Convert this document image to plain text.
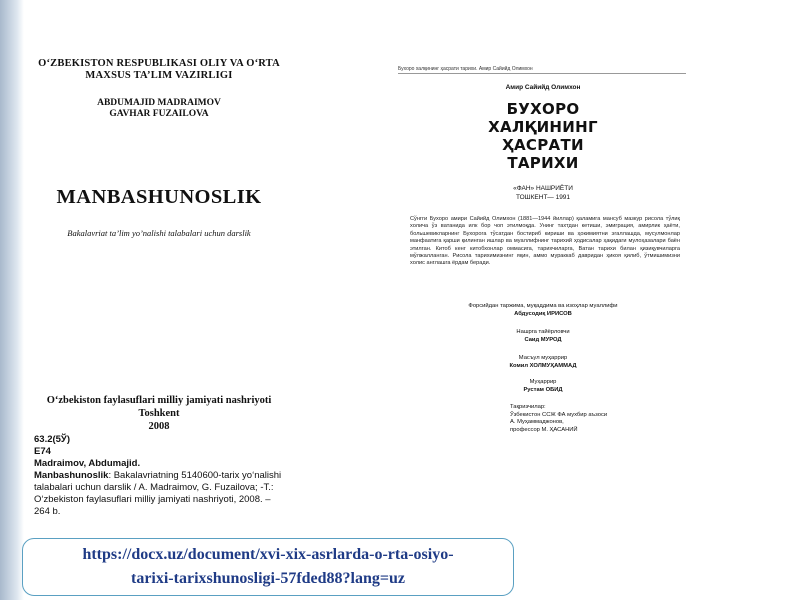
O‘ZBEKISTON RESPUBLIKASI OLIY VA O‘RTA
MAXSUS TA’LIM VAZIRLIGI
ABDUMAJID MADRAIMOV
GAVHAR FUZAILOVA
MANBASHUNOSLIK
Bakalavriat ta’lim yo’nalishi talabalari uchun darslik
O‘zbekiston faylasuflari milliy jamiyati nashriyoti
Toshkent
2008
63.2(5Ў)
E74
Madraimov, Abdumajid.
Manbashunoslik: Bakalavriatning 5140600-tarix yo‘nalishi talabalari uchun darslik / A. Madraimov, G. Fuzailova; -T.: O‘zbekiston faylasuflari milliy jamiyati nashriyoti, 2008. – 264 b.
Бухоро халқининг ҳасрати тарихи. Амир Сайийд Олимхон
Амир Сайийд Олимхон
БУХОРО
ХАЛҚИНИНГ
ҲАСРАТИ
ТАРИХИ
«ФАН» НАШРИЁТИ
ТОШКЕНТ— 1991
Сўнгги Бухоро амири Сайийд Олимхон (1881—1944 йиллар) қаламига мансуб мазкур рисола тўлиқ холича ўз ватанида илк бор чоп этилмоқда. Унинг тахтдан кетиши, эмиграция, амирлик ҳаёти, большевикларнинг Бухорога тўсатдан бостириб кириши ва ҳокимиятни эгаллашда, мусулмонлар манфаатига қарши қилинган ишлар ва муаллифнинг тарихий ҳодисалар ҳақидаги мулоҳазалари баён этилган. Китоб кенг китобхонлар оммасига, тарихчиларга, Ватан тарихи билан қизиқувчиларга мўлжалланган. Рисола тарихимизнинг яқин, аммо мураккаб давридан ҳикоя қилиб, ўтмишимизни холис англашга ёрдам беради.
Форсийдан таржима, муқаддима ва изоҳлар муаллифи
Абдусодиқ ИРИСОВ
Нашрга тайёрловчи
Саид МУРОД
Масъул муҳаррир
Комил ХОЛМУҲАММАД
Муҳаррир
Рустам ОБИД
Тақризчилар:
Ўзбекистон ССЖ ФА мухбир аъзоси
А. Муҳаммаджонов,
профессор М. ҲАСАНИЙ
https://docx.uz/document/xvi-xix-asrlarda-o-rta-osiyo-
tarixi-tarixshunosligi-57fded88?lang=uz
